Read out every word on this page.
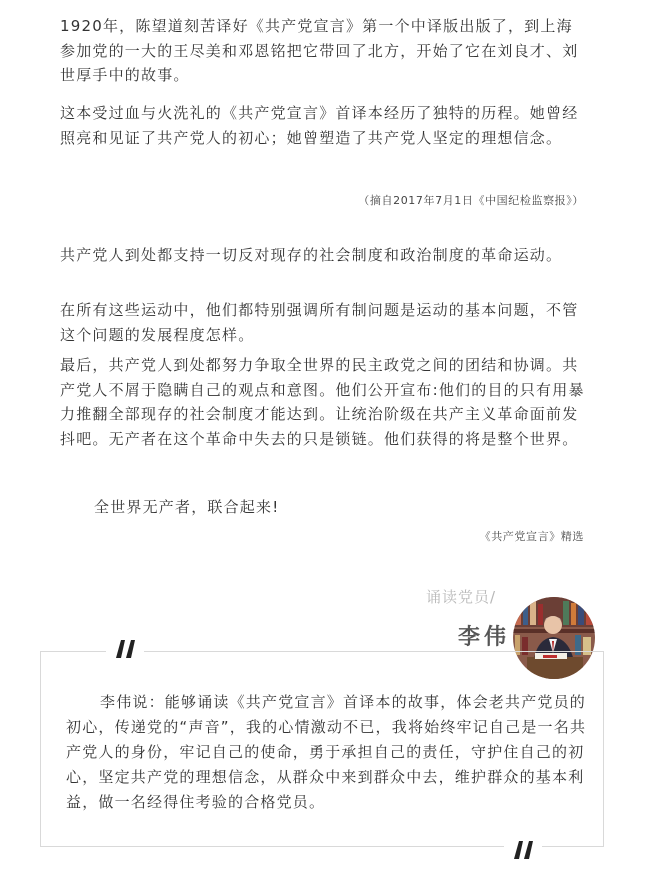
1920年，陈望道刻苦译好《共产党宣言》第一个中译版出版了，到上海参加党的一大的王尽美和邓恩铭把它带回了北方，开始了它在刘良才、刘世厚手中的故事。

这本受过血与火洗礼的《共产党宣言》首译本经历了独特的历程。她曾经照亮和见证了共产党人的初心；她曾塑造了共产党人坚定的理想信念。

（摘自2017年7月1日《中国纪检监察报》）

共产党人到处都支持一切反对现存的社会制度和政治制度的革命运动。

在所有这些运动中，他们都特别强调所有制问题是运动的基本问题，不管这个问题的发展程度怎样。

最后，共产党人到处都努力争取全世界的民主政党之间的团结和协调。共产党人不屑于隐瞒自己的观点和意图。他们公开宣布:他们的目的只有用暴力推翻全部现存的社会制度才能达到。让统治阶级在共产主义革命面前发抖吧。无产者在这个革命中失去的只是锁链。他们获得的将是整个世界。

全世界无产者，联合起来!

《共产党宣言》精选

诵读党员/
李伟

李伟说：能够诵读《共产党宣言》首译本的故事，体会老共产党员的初心，传递党的“声音”，我的心情激动不已，我将始终牢记自己是一名共产党人的身份，牢记自己的使命，勇于承担自己的责任，守护住自己的初心，坚定共产党的理想信念，从群众中来到群众中去，维护群众的基本利益，做一名经得住考验的合格党员。
